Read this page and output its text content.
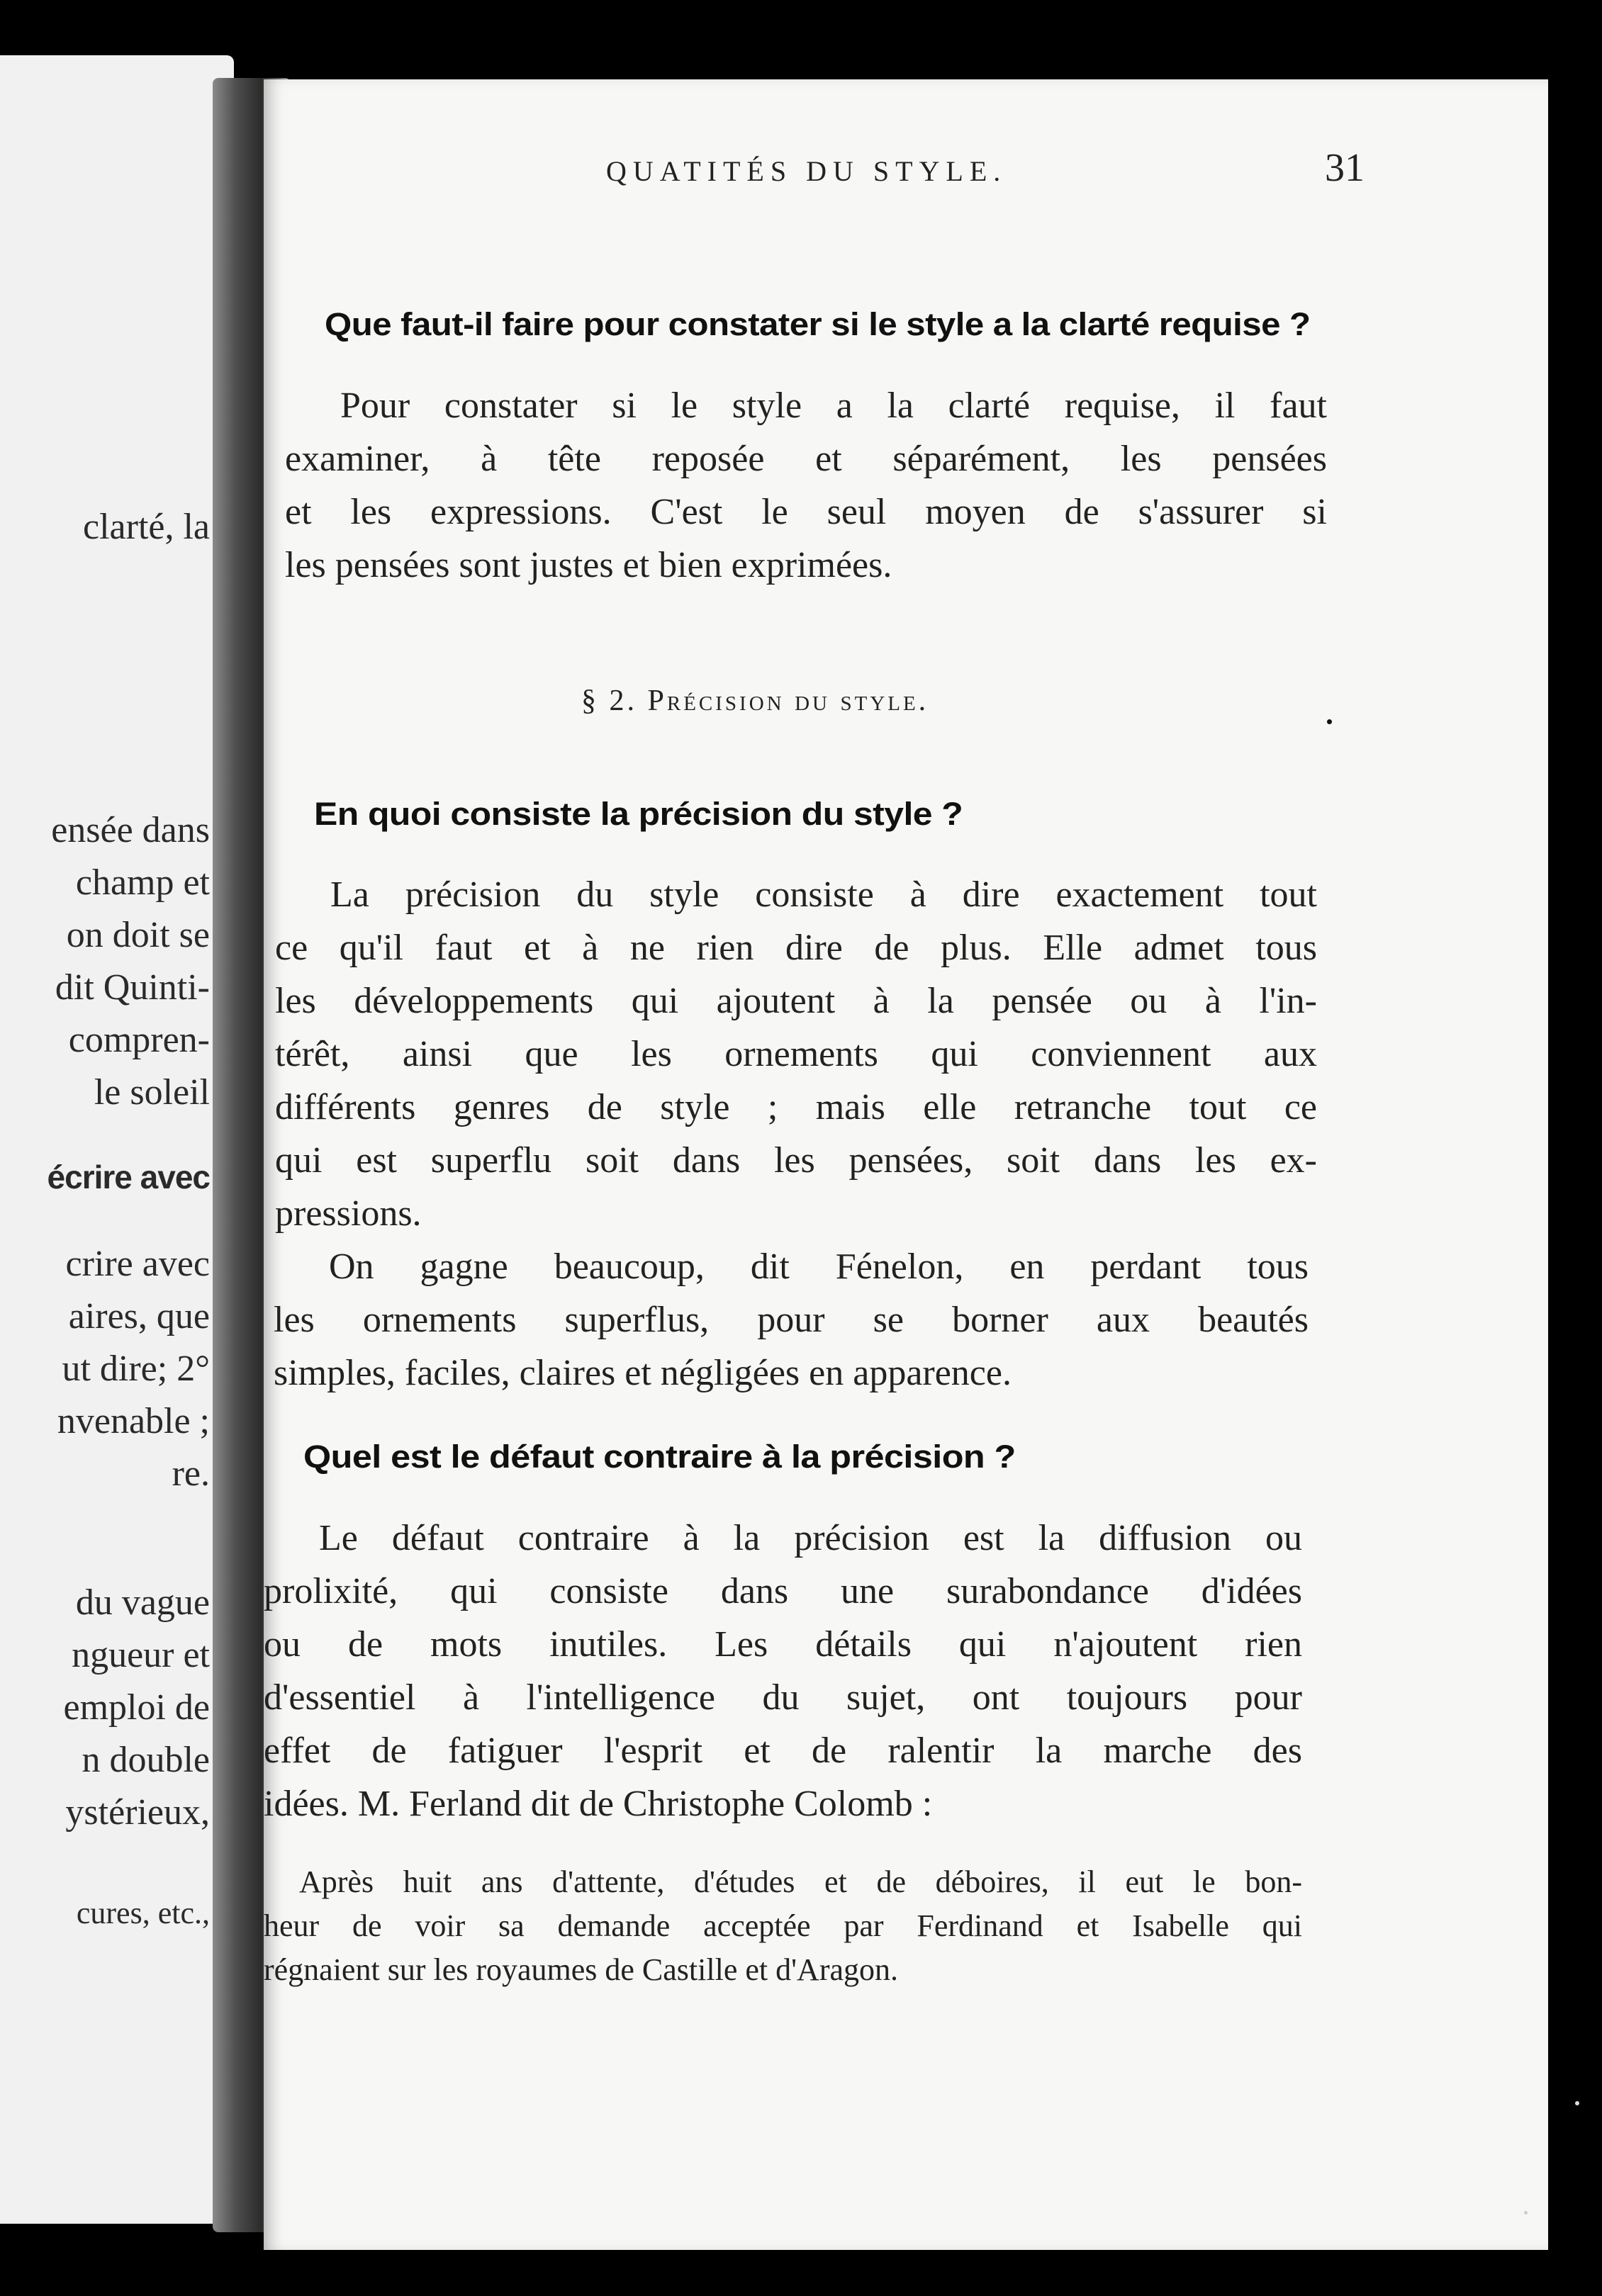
clarté, la
ensée dans
champ et
on doit se
dit Quinti-
compren-
le soleil
écrire avec
crire avec
aires, que
ut dire; 2°
nvenable ;
re.
du vague
ngueur et
emploi de
n double
ystérieux,
cures, etc.,
QUATITÉS DU STYLE.	31
Que faut-il faire pour constater si le style a la clarté requise ?
Pour constater si le style a la clarté requise, il faut
examiner, à tête reposée et séparément, les pensées
et les expressions. C'est le seul moyen de s'assurer si
les pensées sont justes et bien exprimées.
§ 2. Précision du style.
En quoi consiste la précision du style ?
La précision du style consiste à dire exactement tout
ce qu'il faut et à ne rien dire de plus. Elle admet tous
les développements qui ajoutent à la pensée ou à l'in-
térêt, ainsi que les ornements qui conviennent aux
différents genres de style ; mais elle retranche tout ce
qui est superflu soit dans les pensées, soit dans les ex-
pressions.
On gagne beaucoup, dit Fénelon, en perdant tous
les ornements superflus, pour se borner aux beautés
simples, faciles, claires et négligées en apparence.
Quel est le défaut contraire à la précision ?
Le défaut contraire à la précision est la diffusion ou
prolixité, qui consiste dans une surabondance d'idées
ou de mots inutiles. Les détails qui n'ajoutent rien
d'essentiel à l'intelligence du sujet, ont toujours pour
effet de fatiguer l'esprit et de ralentir la marche des
idées. M. Ferland dit de Christophe Colomb :
Après huit ans d'attente, d'études et de déboires, il eut le bon-
heur de voir sa demande acceptée par Ferdinand et Isabelle qui
régnaient sur les royaumes de Castille et d'Aragon.
